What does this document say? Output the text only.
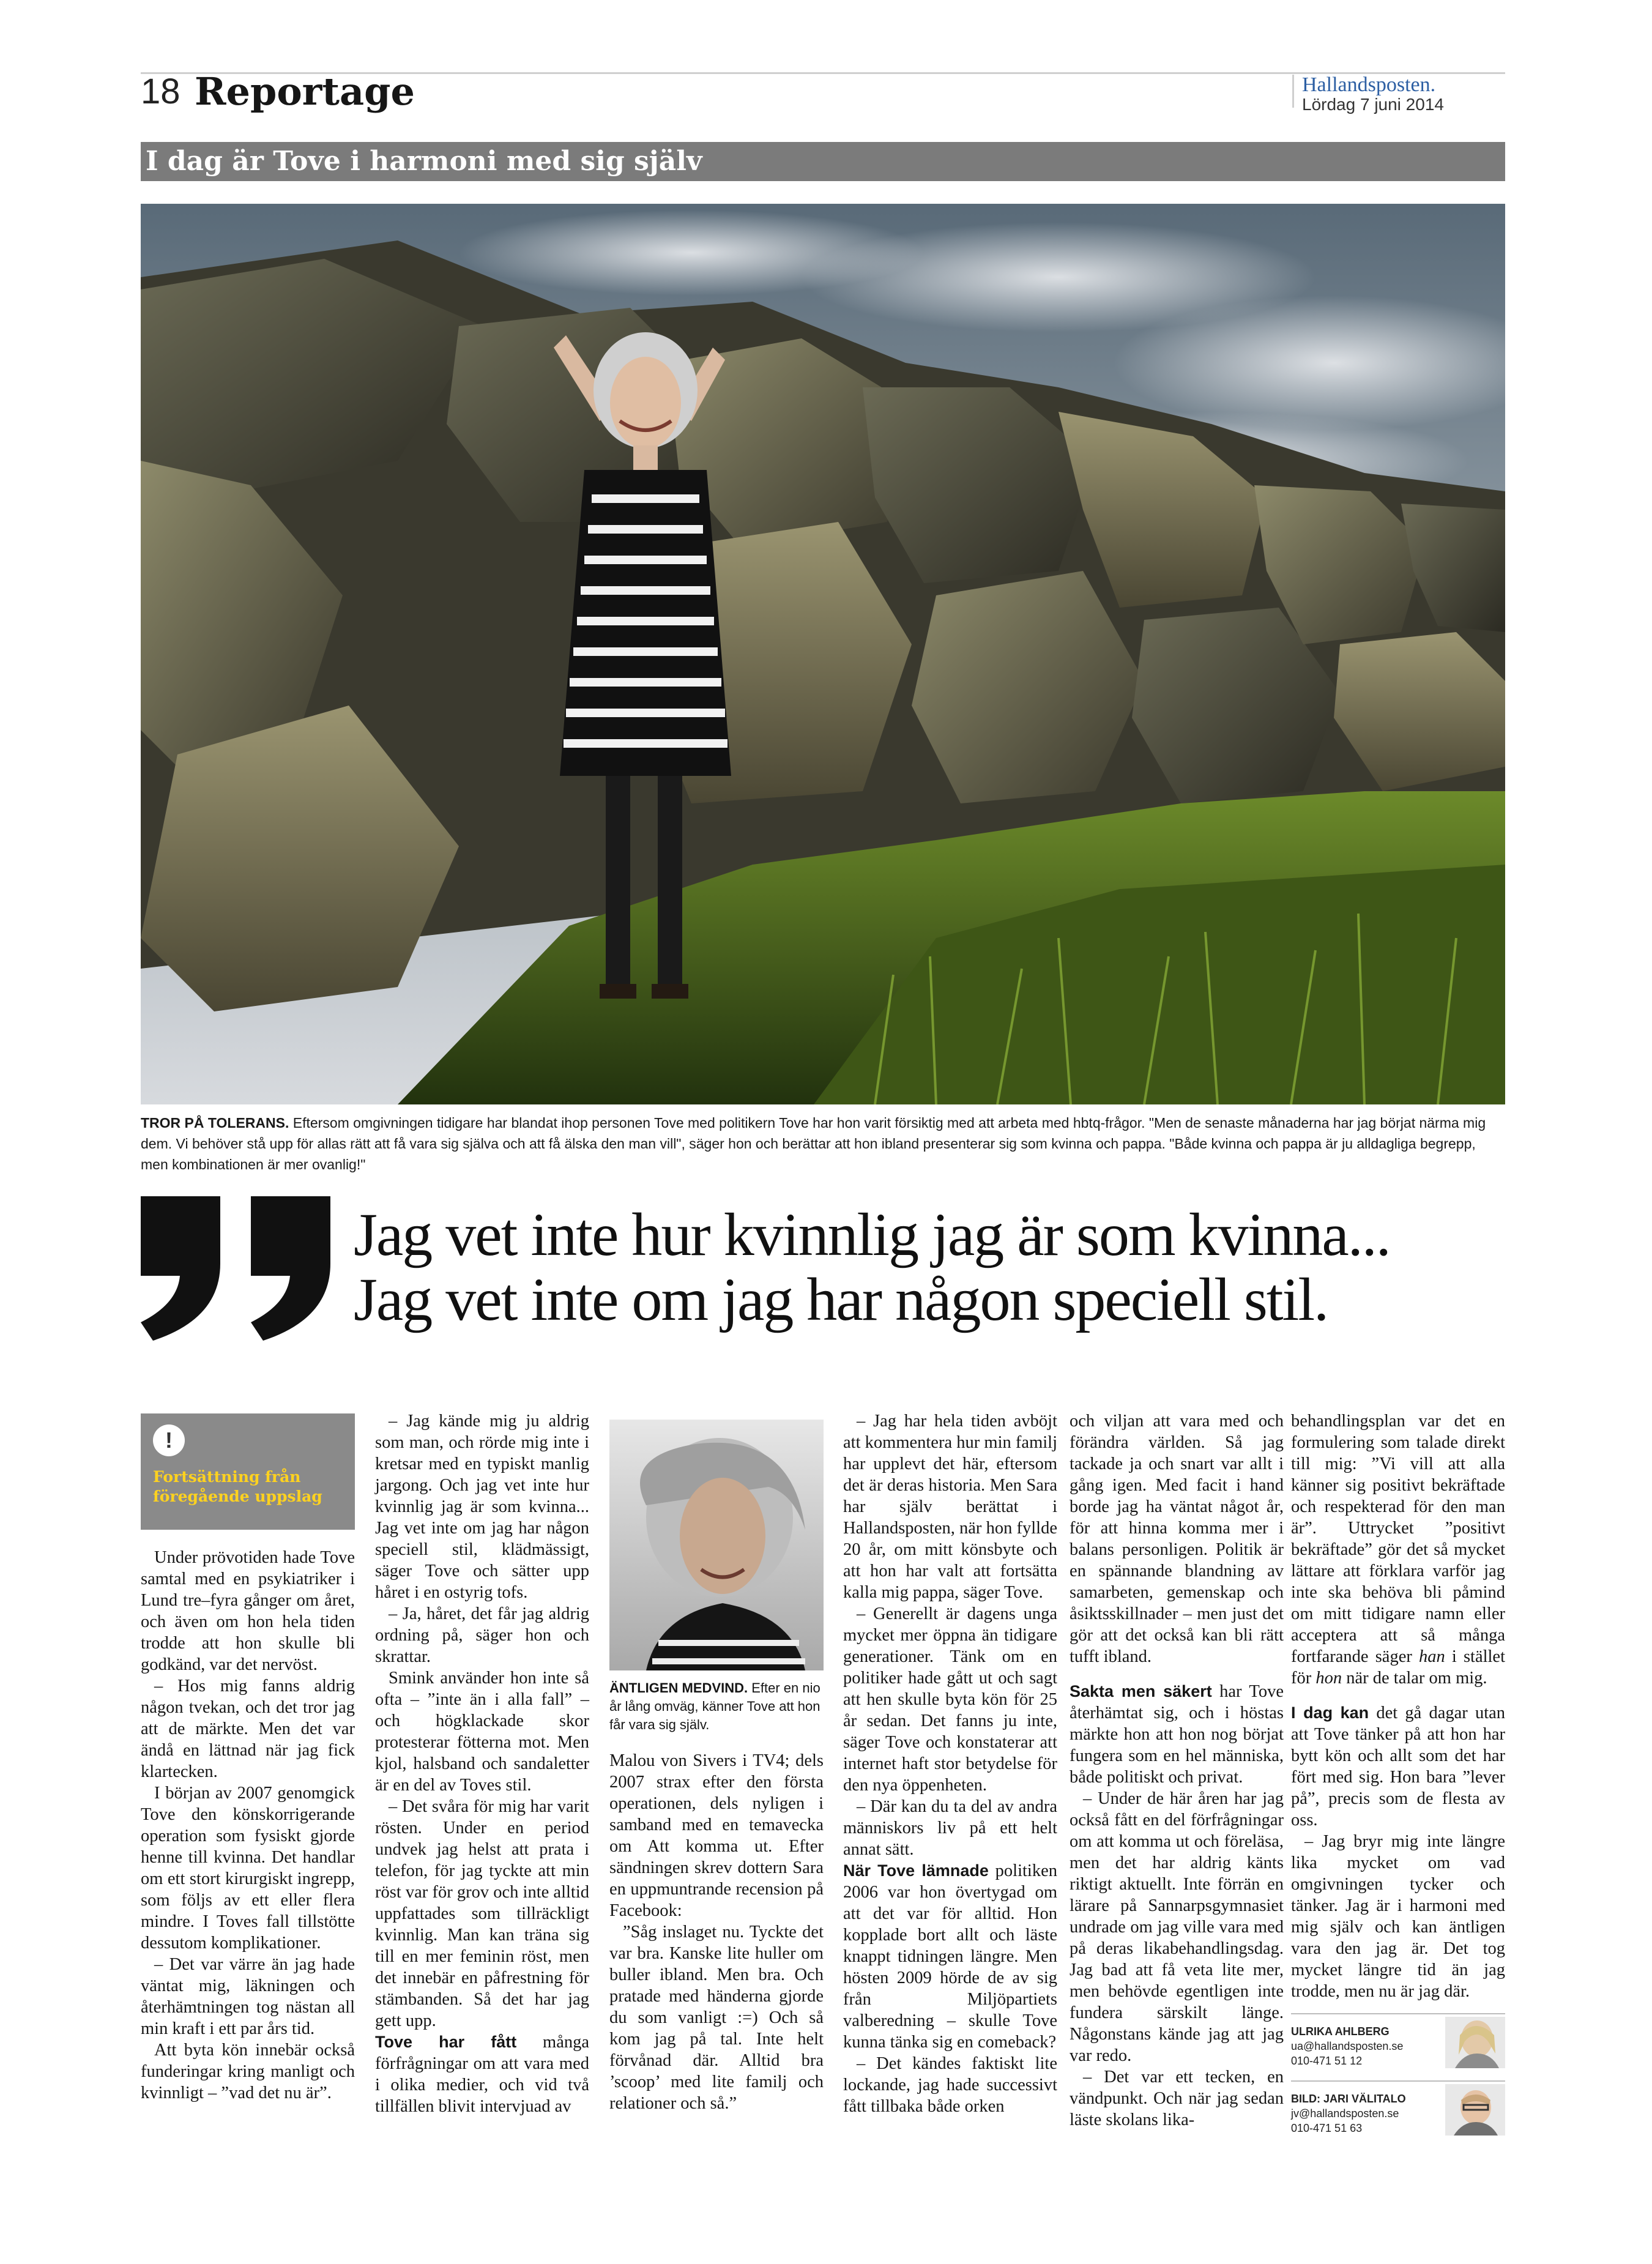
18 Reportage	Hallandsposten.
Lördag 7 juni 2014
I dag är Tove i harmoni med sig själv
TROR PÅ TOLERANS. Eftersom omgivningen tidigare har blandat ihop personen Tove med politikern Tove har hon varit försiktig med att arbeta med hbtq-frågor. "Men de senaste månaderna har jag börjat närma mig dem. Vi behöver stå upp för allas rätt att få vara sig själva och att få älska den man vill", säger hon och berättar att hon ibland presenterar sig som kvinna och pappa. "Både kvinna och pappa är ju alldagliga begrepp, men kombinationen är mer ovanlig!"
Jag vet inte hur kvinnlig jag är som kvinna...
Jag vet inte om jag har någon speciell stil.
!
Fortsättning från föregående uppslag

Under prövotiden hade Tove samtal med en psykiatriker i Lund tre–fyra gånger om året, och även om hon hela tiden trodde att hon skulle bli godkänd, var det nervöst.

– Hos mig fanns aldrig någon tvekan, och det tror jag att de märkte. Men det var ändå en lättnad när jag fick klartecken.

I början av 2007 genomgick Tove den könskorrigerande operation som fysiskt gjorde henne till kvinna. Det handlar om ett stort kirurgiskt ingrepp, som följs av ett eller flera mindre. I Toves fall tillstötte dessutom komplikationer.

– Det var värre än jag hade väntat mig, läkningen och återhämtningen tog nästan all min kraft i ett par års tid.

Att byta kön innebär också funderingar kring manligt och kvinnligt – ”vad det nu är”.

– Jag kände mig ju aldrig som man, och rörde mig inte i kretsar med en typiskt manlig jargong. Och jag vet inte hur kvinnlig jag är som kvinna... Jag vet inte om jag har någon speciell stil, klädmässigt, säger Tove och sätter upp håret i en ostyrig tofs.

– Ja, håret, det får jag aldrig ordning på, säger hon och skrattar.

Smink använder hon inte så ofta – ”inte än i alla fall” – och högklackade skor protesterar fötterna mot. Men kjol, halsband och sandaletter är en del av Toves stil.

– Det svåra för mig har varit rösten. Under en period undvek jag helst att prata i telefon, för jag tyckte att min röst var för grov och inte alltid uppfattades som tillräckligt kvinnlig. Man kan träna sig till en mer feminin röst, men det innebär en påfrestning för stämbanden. Så det har jag gett upp.

Tove har fått många förfrågningar om att vara med i olika medier, och vid två tillfällen blivit intervjuad av

ÄNTLIGEN MEDVIND. Efter en nio år lång omväg, känner Tove att hon får vara sig själv.

Malou von Sivers i TV4; dels 2007 strax efter den första operationen, dels nyligen i samband med en temavecka om Att komma ut. Efter sändningen skrev dottern Sara en uppmuntrande recension på Facebook:

”Såg inslaget nu. Tyckte det var bra. Kanske lite huller om buller ibland. Men bra. Och pratade med händerna gjorde du som vanligt :=) Och så kom jag på tal. Inte helt förvånad där. Alltid bra ’scoop’ med lite familj och relationer och så.”

– Jag har hela tiden avböjt att kommentera hur min familj har upplevt det här, eftersom det är deras historia. Men Sara har själv berättat i Hallandsposten, när hon fyllde 20 år, om mitt könsbyte och att hon har valt att fortsätta kalla mig pappa, säger Tove.

– Generellt är dagens unga mycket mer öppna än tidigare generationer. Tänk om en politiker hade gått ut och sagt att hen skulle byta kön för 25 år sedan. Det fanns ju inte, säger Tove och konstaterar att internet haft stor betydelse för den nya öppenheten.

– Där kan du ta del av andra människors liv på ett helt annat sätt.

När Tove lämnade politiken 2006 var hon övertygad om att det var för alltid. Hon kopplade bort allt och läste knappt tidningen längre. Men hösten 2009 hörde de av sig från Miljöpartiets valberedning – skulle Tove kunna tänka sig en comeback?

– Det kändes faktiskt lite lockande, jag hade successivt fått tillbaka både orken

och viljan att vara med och förändra världen. Så jag tackade ja och snart var allt i gång igen. Med facit i hand borde jag ha väntat något år, för att hinna komma mer i balans personligen. Politik är en spännande blandning av samarbeten, gemenskap och åsiktsskillnader – men just det gör att det också kan bli rätt tufft ibland.

Sakta men säkert har Tove återhämtat sig, och i höstas märkte hon att hon nog börjat fungera som en hel människa, både politiskt och privat.

– Under de här åren har jag också fått en del förfrågningar om att komma ut och föreläsa, men det har aldrig känts riktigt aktuellt. Inte förrän en lärare på Sannarpsgymnasiet undrade om jag ville vara med på deras likabehandlingsdag. Jag bad att få veta lite mer, men behövde egentligen inte fundera särskilt länge. Någonstans kände jag att jag var redo.

– Det var ett tecken, en vändpunkt. Och när jag sedan läste skolans lika-

behandlingsplan var det en formulering som talade direkt till mig: ”Vi vill att alla känner sig positivt bekräftade och respekterad för den man är”. Uttrycket ”positivt bekräftade” gör det så mycket lättare att förklara varför jag inte ska behöva bli påmind om mitt tidigare namn eller acceptera att så många fortfarande säger han i stället för hon när de talar om mig.

I dag kan det gå dagar utan att Tove tänker på att hon har bytt kön och allt som det har fört med sig. Hon bara ”lever på”, precis som de flesta av oss.

– Jag bryr mig inte längre lika mycket om vad omgivningen tycker och tänker. Jag är i harmoni med mig själv och kan äntligen vara den jag är. Det tog mycket längre tid än jag trodde, men nu är jag där.

ULRIKA AHLBERG
ua@hallandsposten.se
010-471 51 12
BILD: JARI VÄLITALO
jv@hallandsposten.se
010-471 51 63
